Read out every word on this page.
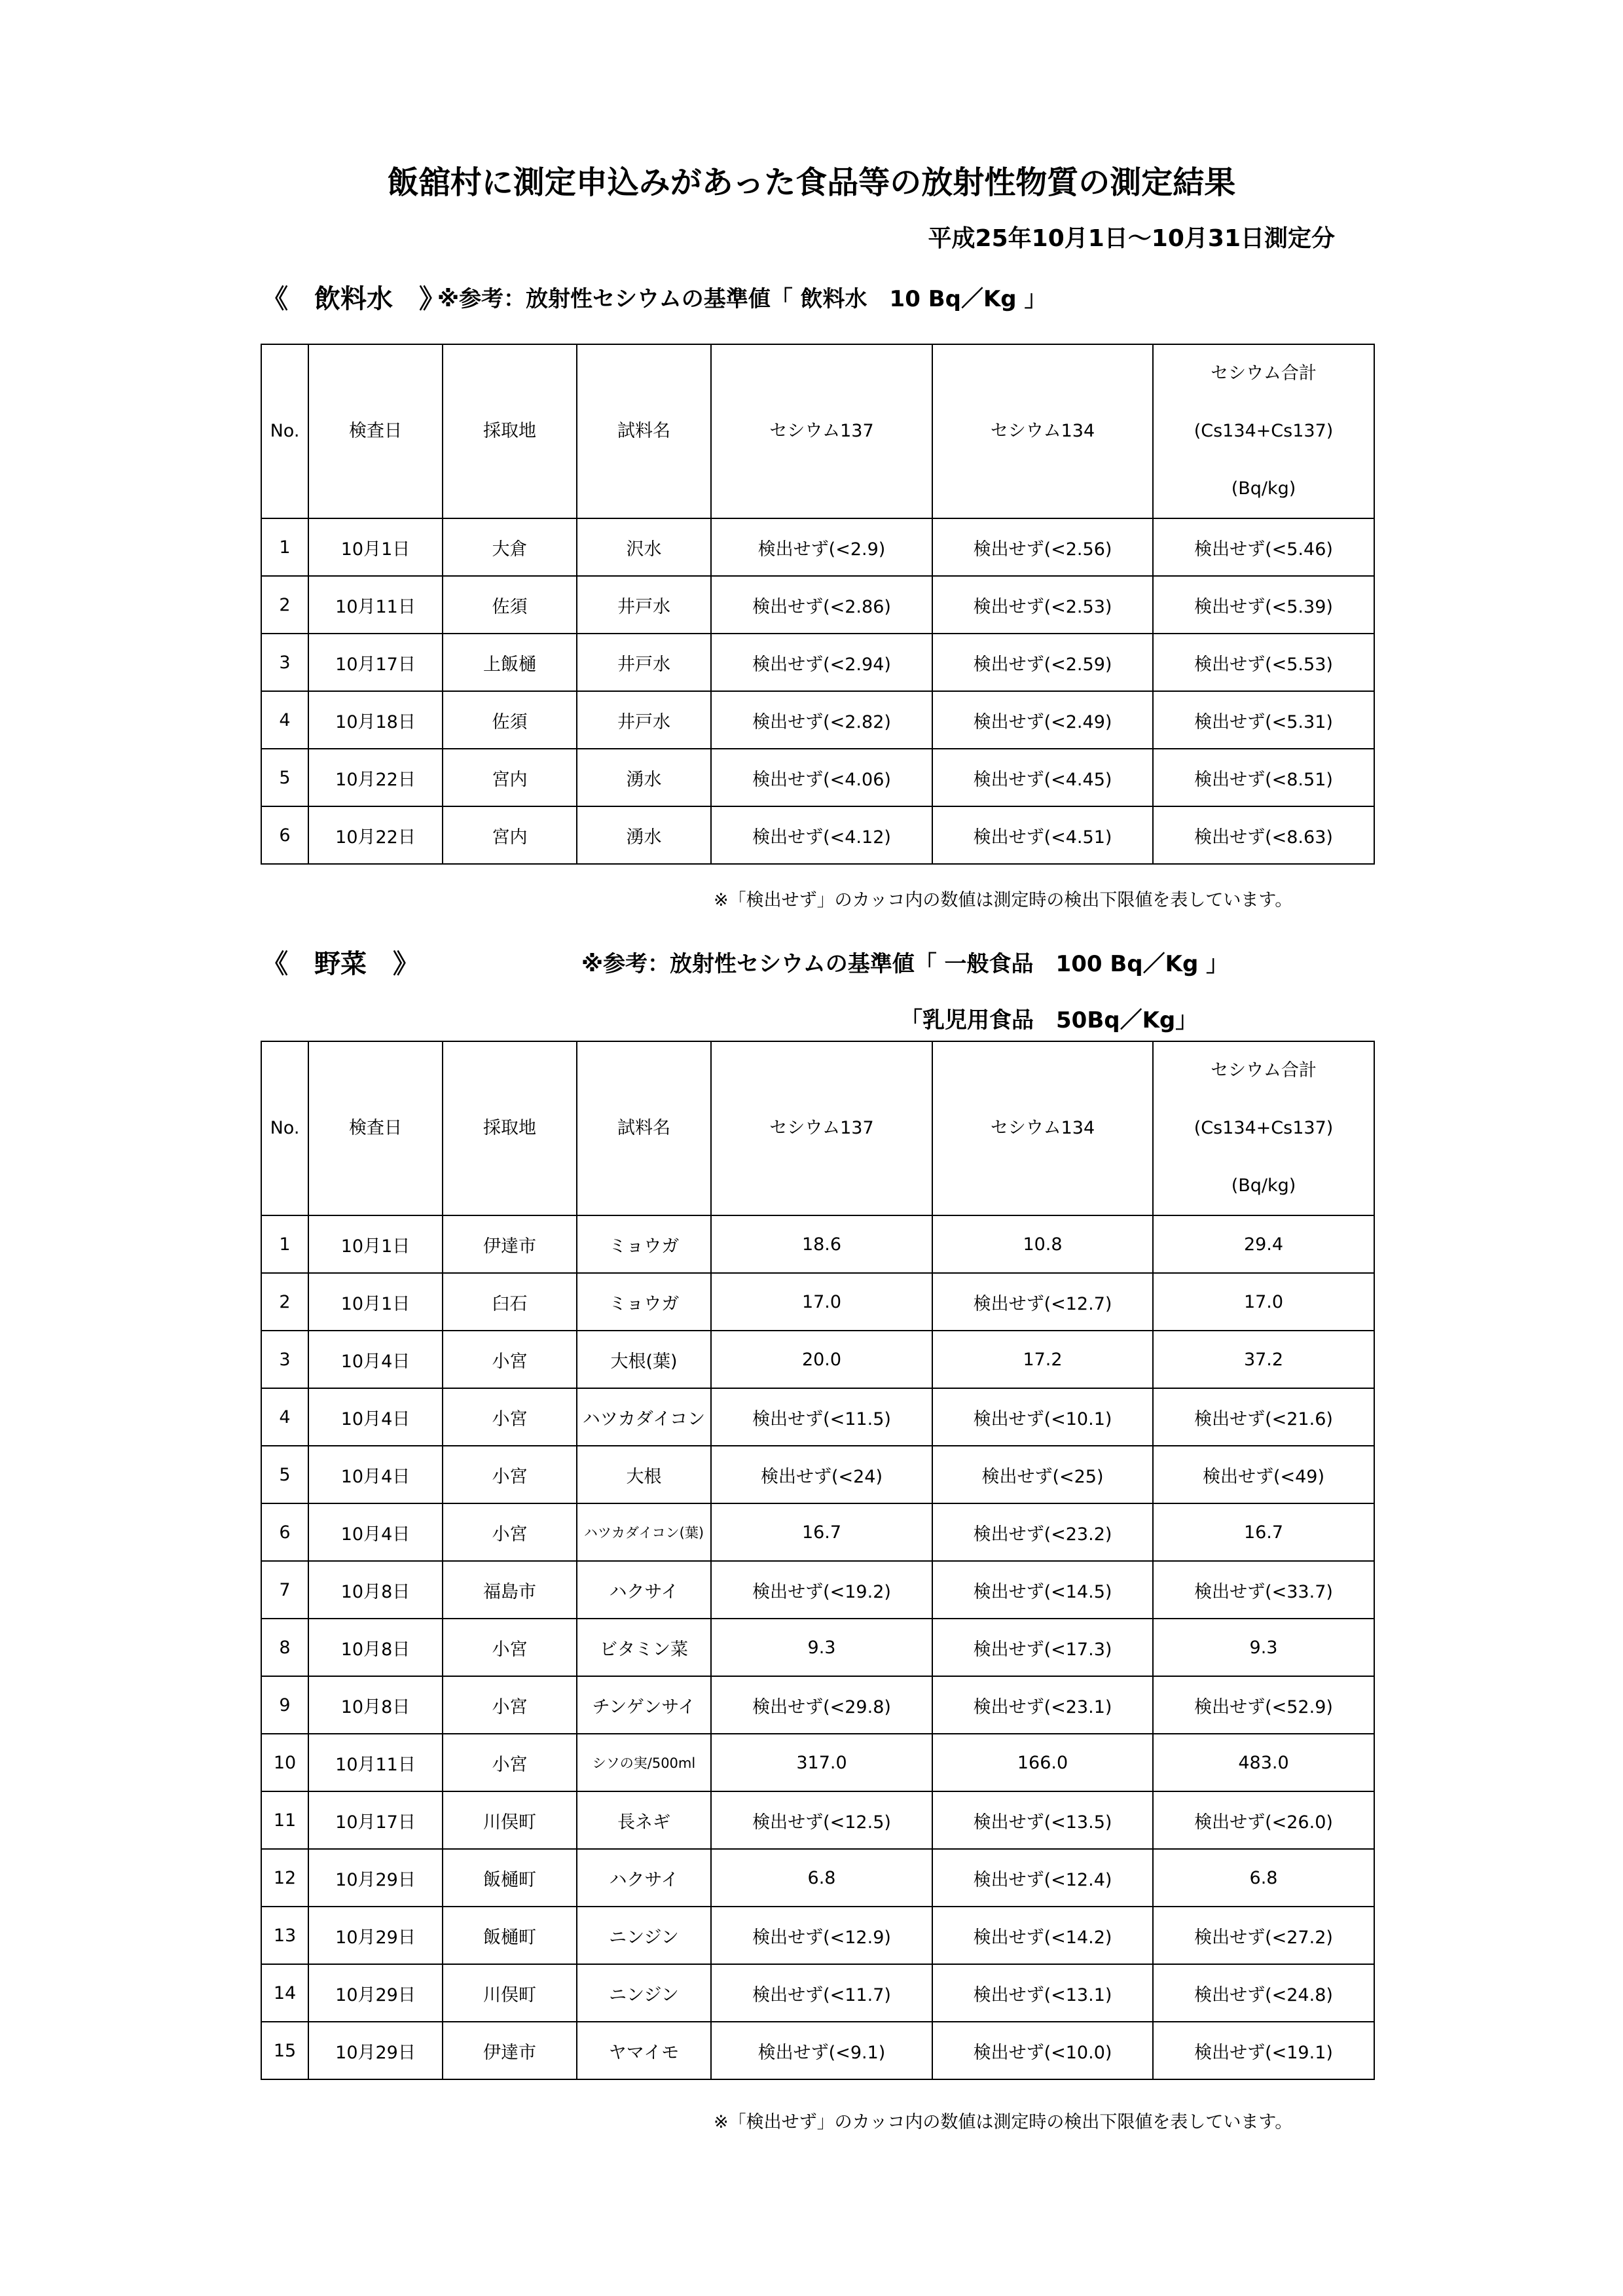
飯舘村に測定申込みがあった食品等の放射性物質の測定結果
平成25年10月1日～10月31日測定分
《　飲料水　》
※参考：放射性セシウムの基準値「 飲料水　10 Bq／Kg 」
No.	検査日	採取地	試料名	セシウム137	セシウム134	セシウム合計
(Cs134+Cs137)
(Bq/kg)

1	10月1日	大倉	沢水	検出せず(<2.9)	検出せず(<2.56)	検出せず(<5.46)
2	10月11日	佐須	井戸水	検出せず(<2.86)	検出せず(<2.53)	検出せず(<5.39)
3	10月17日	上飯樋	井戸水	検出せず(<2.94)	検出せず(<2.59)	検出せず(<5.53)
4	10月18日	佐須	井戸水	検出せず(<2.82)	検出せず(<2.49)	検出せず(<5.31)
5	10月22日	宮内	湧水	検出せず(<4.06)	検出せず(<4.45)	検出せず(<8.51)
6	10月22日	宮内	湧水	検出せず(<4.12)	検出せず(<4.51)	検出せず(<8.63)
※「検出せず」のカッコ内の数値は測定時の検出下限値を表しています。
《　野菜　》	※参考：放射性セシウムの基準値「 一般食品　100 Bq／Kg 」
「乳児用食品　50Bq／Kg」
No.	検査日	採取地	試料名	セシウム137	セシウム134	セシウム合計
(Cs134+Cs137)
(Bq/kg)

1	10月1日	伊達市	ミョウガ	18.6	10.8	29.4
2	10月1日	臼石	ミョウガ	17.0	検出せず(<12.7)	17.0
3	10月4日	小宮	大根(葉)	20.0	17.2	37.2
4	10月4日	小宮	ハツカダイコン	検出せず(<11.5)	検出せず(<10.1)	検出せず(<21.6)
5	10月4日	小宮	大根	検出せず(<24)	検出せず(<25)	検出せず(<49)
6	10月4日	小宮	ハツカダイコン(葉)	16.7	検出せず(<23.2)	16.7
7	10月8日	福島市	ハクサイ	検出せず(<19.2)	検出せず(<14.5)	検出せず(<33.7)
8	10月8日	小宮	ビタミン菜	9.3	検出せず(<17.3)	9.3
9	10月8日	小宮	チンゲンサイ	検出せず(<29.8)	検出せず(<23.1)	検出せず(<52.9)
10	10月11日	小宮	シソの実/500ml	317.0	166.0	483.0
11	10月17日	川俣町	長ネギ	検出せず(<12.5)	検出せず(<13.5)	検出せず(<26.0)
12	10月29日	飯樋町	ハクサイ	6.8	検出せず(<12.4)	6.8
13	10月29日	飯樋町	ニンジン	検出せず(<12.9)	検出せず(<14.2)	検出せず(<27.2)
14	10月29日	川俣町	ニンジン	検出せず(<11.7)	検出せず(<13.1)	検出せず(<24.8)
15	10月29日	伊達市	ヤマイモ	検出せず(<9.1)	検出せず(<10.0)	検出せず(<19.1)
※「検出せず」のカッコ内の数値は測定時の検出下限値を表しています。
